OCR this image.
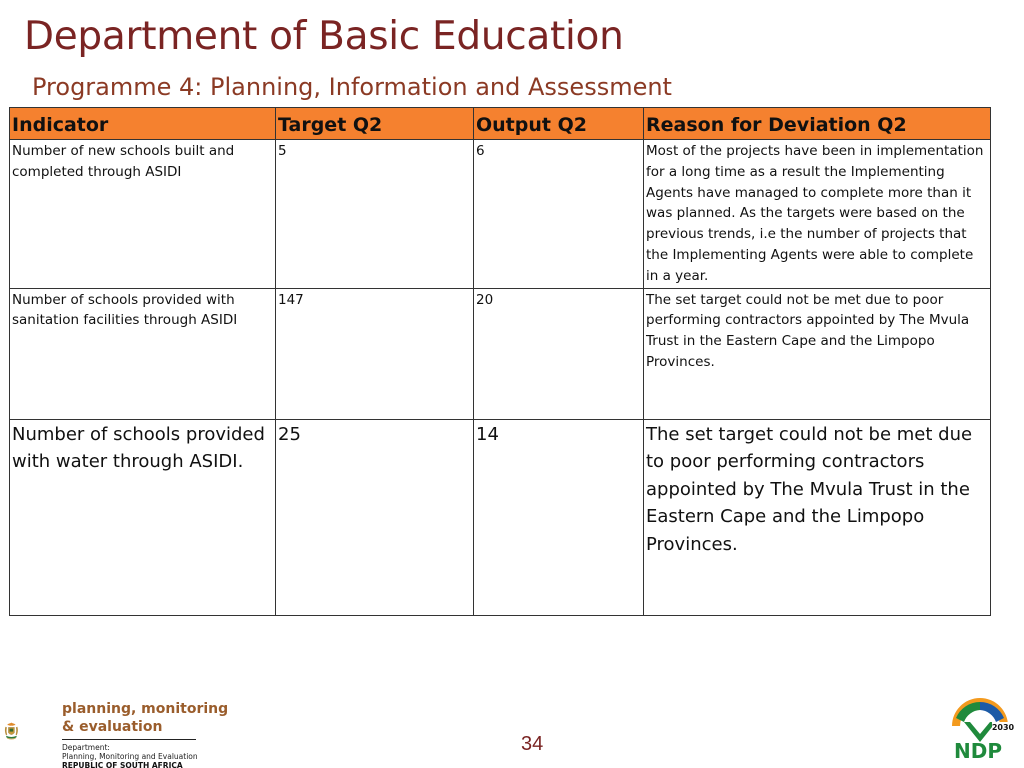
Department of Basic Education
Programme 4: Planning, Information and Assessment
Indicator	Target Q2	Output Q2	Reason for Deviation Q2
Number of new schools built and completed through ASIDI	5	6	Most of the projects have been in implementation for a long time as a result the Implementing Agents have managed to complete more than it was planned. As the targets were based on the previous trends, i.e the number of projects that the Implementing Agents were able to complete in a year.
Number of schools provided with sanitation facilities through ASIDI	147	20	The set target could not be met due to poor performing contractors appointed by The Mvula Trust in the Eastern Cape and the Limpopo Provinces.
Number of schools provided with water through ASIDI.	25	14	The set target could not be met due to poor performing contractors appointed by The Mvula Trust in the Eastern Cape and the Limpopo Provinces.
planning, monitoring
& evaluation
Department:
Planning, Monitoring and Evaluation
REPUBLIC OF SOUTH AFRICA
34
2030
NDP
